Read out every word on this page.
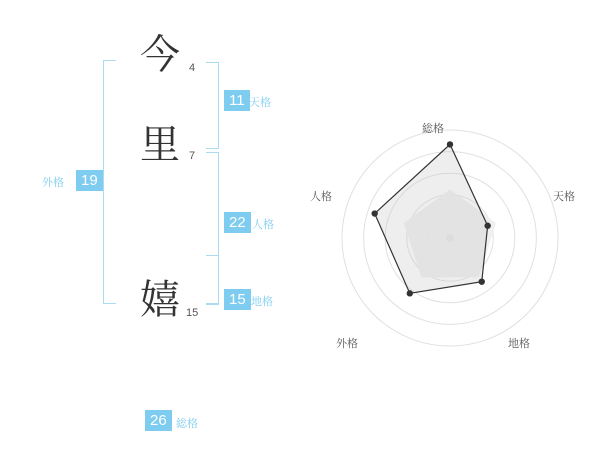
今 4
里 7
嬉 15
11 天格
22 人格
15 地格
19
外格
26 総格
総格
天格
地格
外格
人格
